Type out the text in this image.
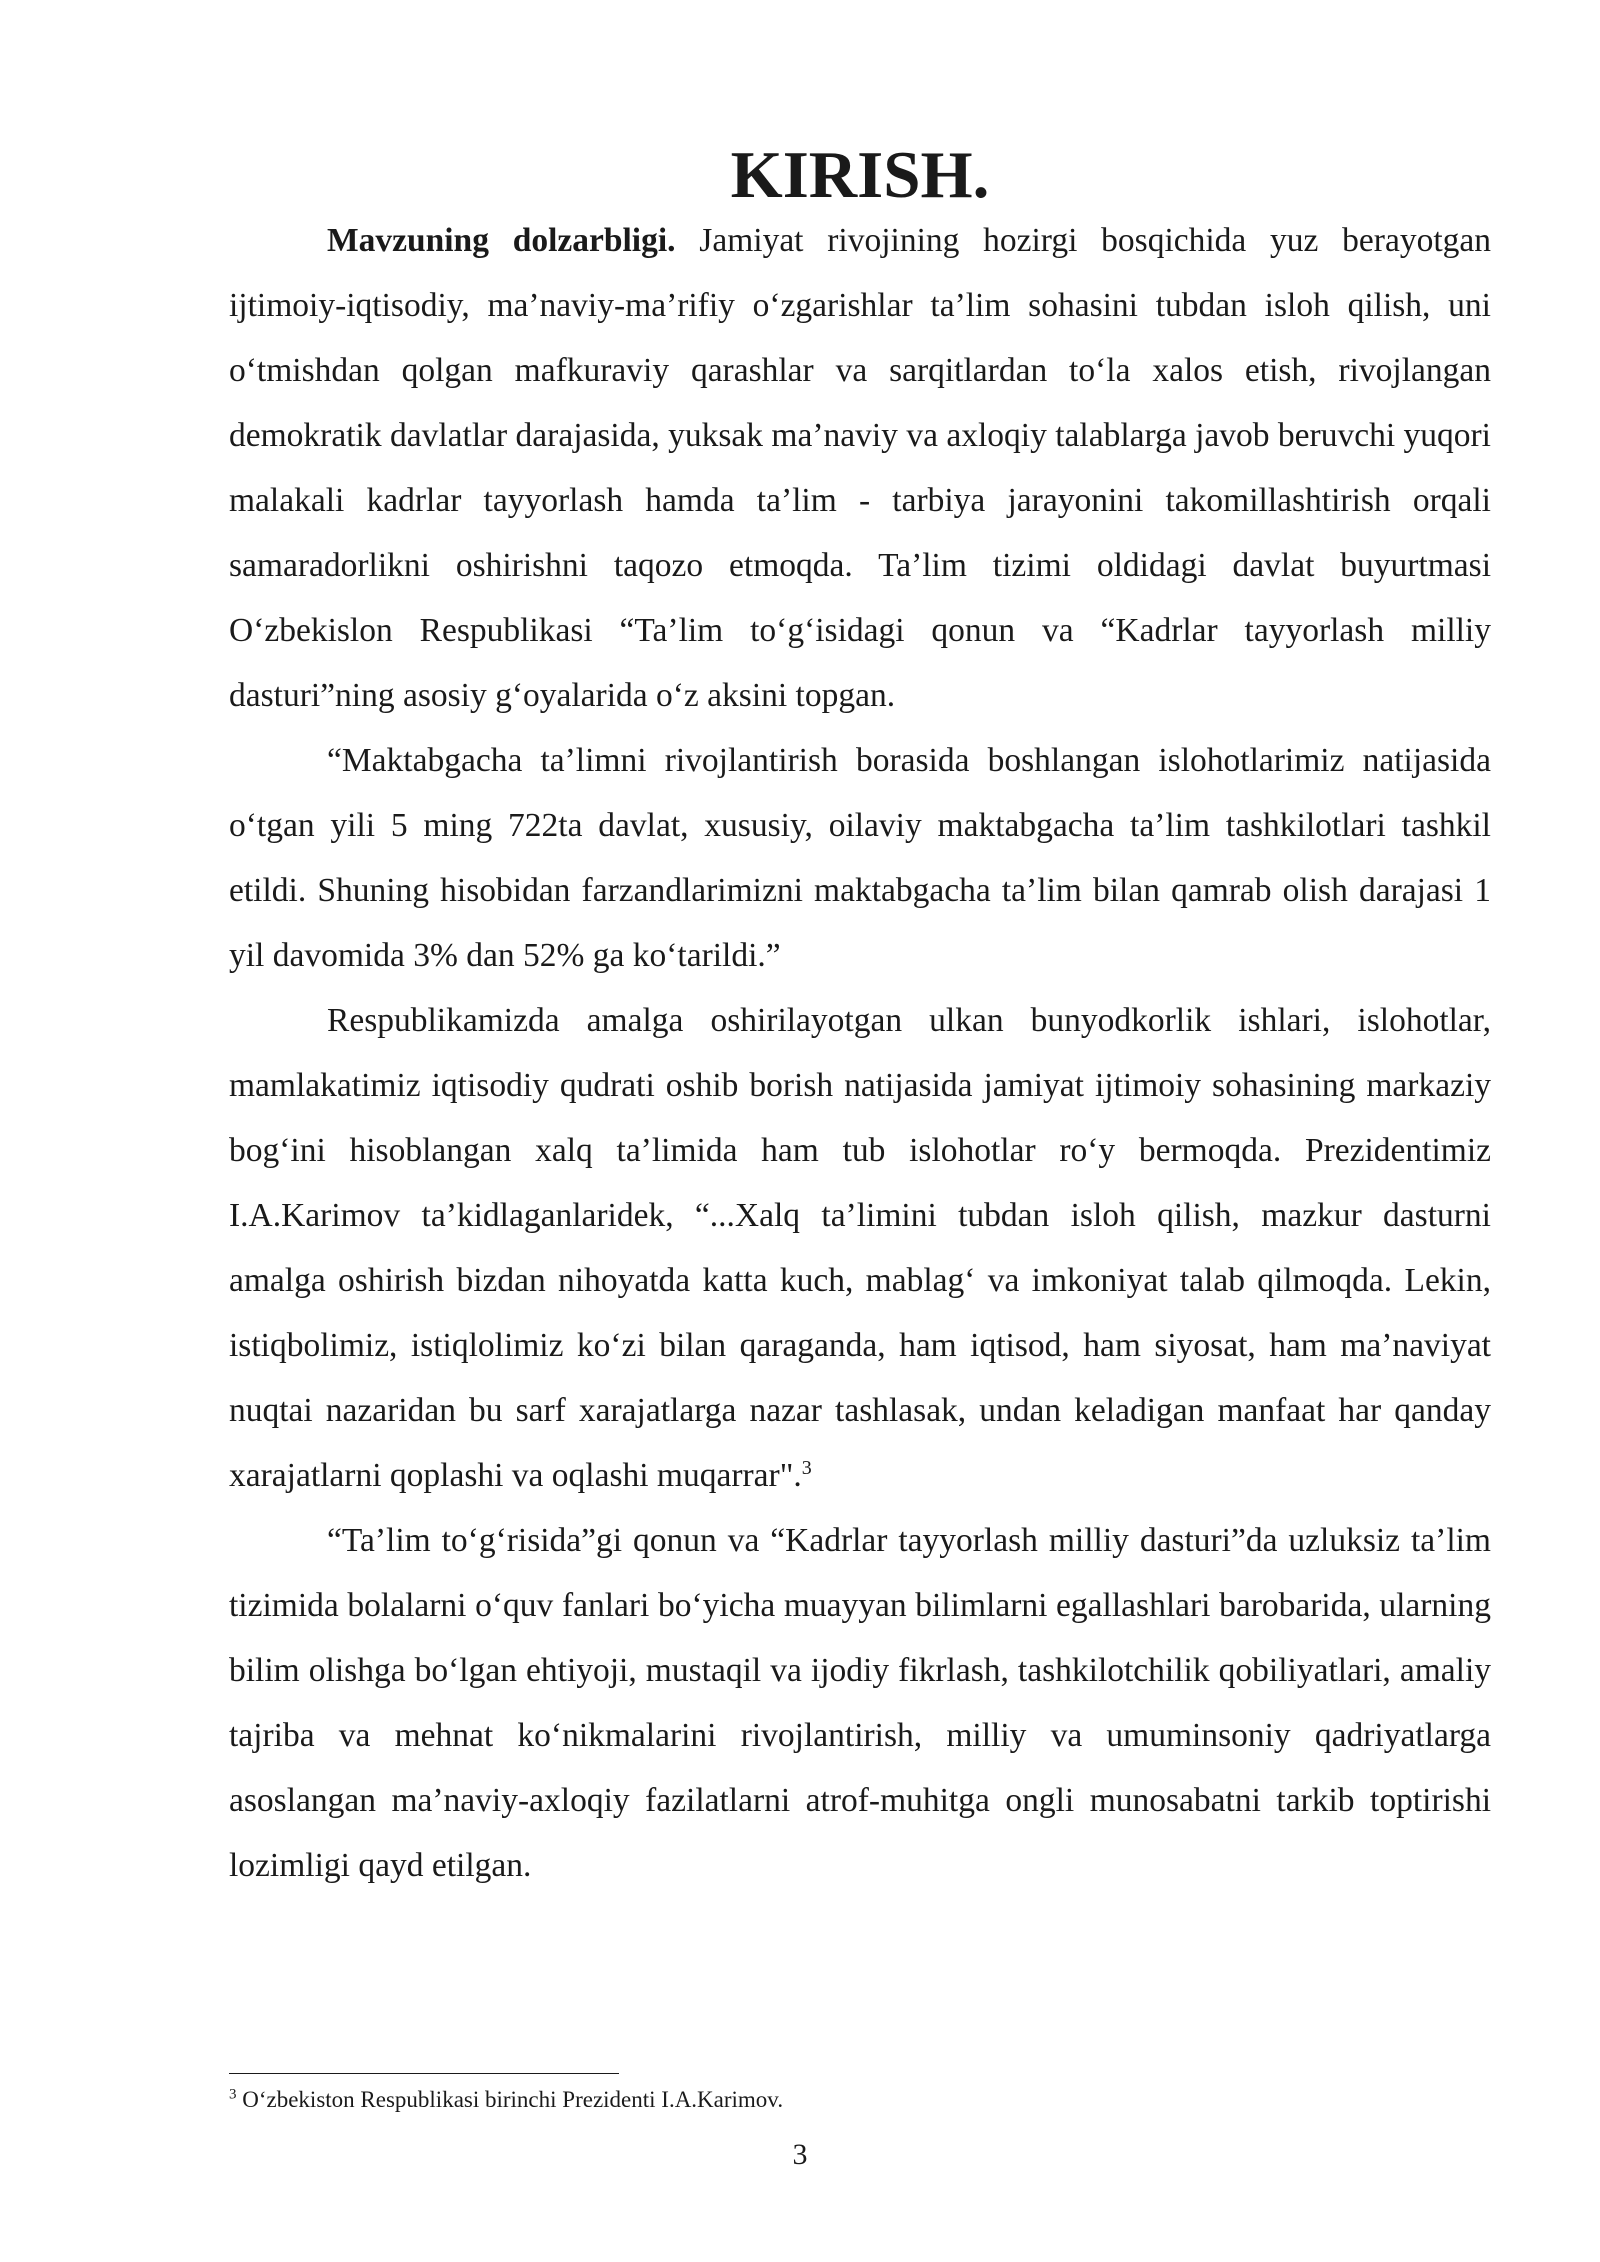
KIRISH.

Mavzuning dolzarbligi. Jamiyat rivojining hozirgi bosqichida yuz berayotgan ijtimoiy-iqtisodiy, ma’naviy-ma’rifiy o‘zgarishlar ta’lim sohasini tubdan isloh qilish, uni o‘tmishdan qolgan mafkuraviy qarashlar va sarqitlardan to‘la xalos etish, rivojlangan demokratik davlatlar darajasida, yuksak ma’naviy va axloqiy talablarga javob beruvchi yuqori malakali kadrlar tayyorlash hamda ta’lim - tarbiya jarayonini takomillashtirish orqali samaradorlikni oshirishni taqozo etmoqda. Ta’lim tizimi oldidagi davlat buyurtmasi O‘zbekislon Respublikasi “Ta’lim to‘g‘isidagi qonun va “Kadrlar tayyorlash milliy dasturi”ning asosiy g‘oyalarida o‘z aksini topgan.

“Maktabgacha ta’limni rivojlantirish borasida boshlangan islohotlarimiz natijasida o‘tgan yili 5 ming 722ta davlat, xususiy, oilaviy maktabgacha ta’lim tashkilotlari tashkil etildi. Shuning hisobidan farzandlarimizni maktabgacha ta’lim bilan qamrab olish darajasi 1 yil davomida 3% dan 52% ga ko‘tarildi.”

Respublikamizda amalga oshirilayotgan ulkan bunyodkorlik ishlari, islohotlar, mamlakatimiz iqtisodiy qudrati oshib borish natijasida jamiyat ijtimoiy sohasining markaziy bog‘ini hisoblangan xalq ta’limida ham tub islohotlar ro‘y bermoqda. Prezidentimiz I.A.Karimov ta’kidlaganlaridek, “...Xalq ta’limini tubdan isloh qilish, mazkur dasturni amalga oshirish bizdan nihoyatda katta kuch, mablag‘ va imkoniyat talab qilmoqda. Lekin, istiqbolimiz, istiqlolimiz ko‘zi bilan qaraganda, ham iqtisod, ham siyosat, ham ma’naviyat nuqtai nazaridan bu sarf xarajatlarga nazar tashlasak, undan keladigan manfaat har qanday xarajatlarni qoplashi va oqlashi muqarrar".$^3$

“Ta’lim to‘g‘risida”gi qonun va “Kadrlar tayyorlash milliy dasturi”da uzluksiz ta’lim tizimida bolalarni o‘quv fanlari bo‘yicha muayyan bilimlarni egallashlari barobarida, ularning bilim olishga bo‘lgan ehtiyoji, mustaqil va ijodiy fikrlash, tashkilotchilik qobiliyatlari, amaliy tajriba va mehnat ko‘nikmalarini rivojlantirish, milliy va umuminsoniy qadriyatlarga asoslangan ma’naviy-axloqiy fazilatlarni atrof-muhitga ongli munosabatni tarkib toptirishi lozimligi qayd etilgan.

$^3$ O‘zbekiston Respublikasi birinchi Prezidenti I.A.Karimov.
3
